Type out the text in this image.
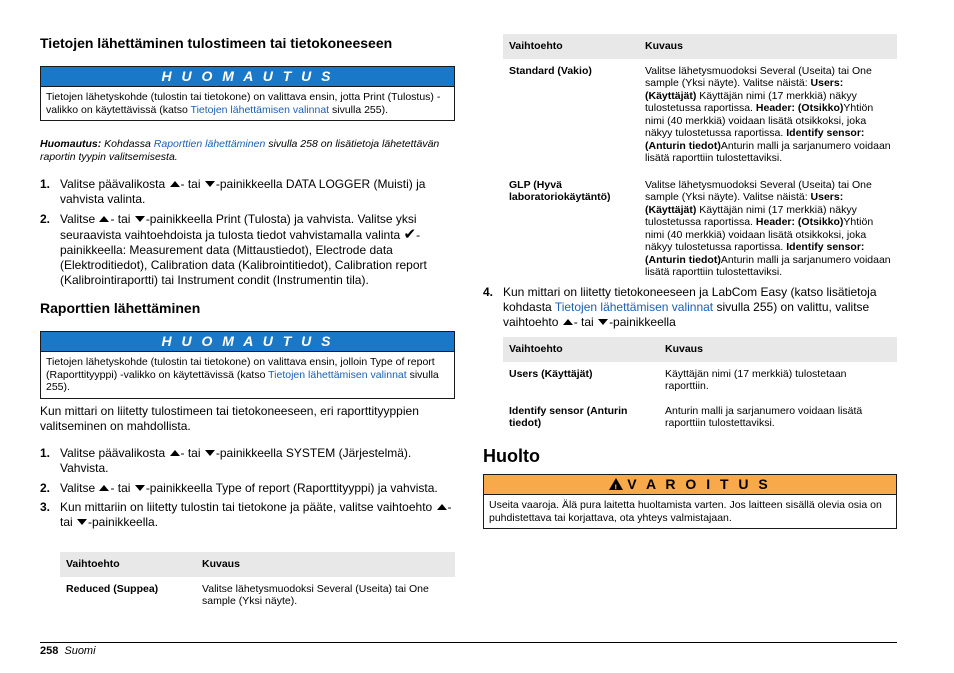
Tietojen lähettäminen tulostimeen tai tietokoneeseen
H U O M A U T U S
Tietojen lähetyskohde (tulostin tai tietokone) on valittava ensin, jotta Print (Tulostus) -valikko on käytettävissä (katso Tietojen lähettämisen valinnat sivulla 255).
Huomautus: Kohdassa Raporttien lähettäminen sivulla 258 on lisätietoja lähetettävän raportin tyypin valitsemisesta.
1. Valitse päävalikosta - tai -painikkeella DATA LOGGER (Muisti) ja vahvista valinta.
2. Valitse - tai -painikkeella Print (Tulosta) ja vahvista. Valitse yksi seuraavista vaihtoehdoista ja tulosta tiedot vahvistamalla valinta ✔-painikkeella: Measurement data (Mittaustiedot), Electrode data (Elektroditiedot), Calibration data (Kalibrointitiedot), Calibration report (Kalibrointiraportti) tai Instrument condit (Instrumentin tila).
Raporttien lähettäminen
H U O M A U T U S
Tietojen lähetyskohde (tulostin tai tietokone) on valittava ensin, jolloin Type of report (Raporttityyppi) -valikko on käytettävissä (katso Tietojen lähettämisen valinnat sivulla 255).
Kun mittari on liitetty tulostimeen tai tietokoneeseen, eri raporttityyppien valitseminen on mahdollista.
1. Valitse päävalikosta - tai -painikkeella SYSTEM (Järjestelmä). Vahvista.
2. Valitse - tai -painikkeella Type of report (Raporttityyppi) ja vahvista.
3. Kun mittariin on liitetty tulostin tai tietokone ja pääte, valitse vaihtoehto - tai -painikkeella.
Vaihtoehto	Kuvaus
Reduced (Suppea)	Valitse lähetysmuodoksi Several (Useita) tai One sample (Yksi näyte).
Vaihtoehto	Kuvaus
Standard (Vakio)	Valitse lähetysmuodoksi Several (Useita) tai One sample (Yksi näyte). Valitse näistä: Users: (Käyttäjät) Käyttäjän nimi (17 merkkiä) näkyy tulostetussa raportissa. Header: (Otsikko)Yhtiön nimi (40 merkkiä) voidaan lisätä otsikkoksi, joka näkyy tulostetussa raportissa. Identify sensor: (Anturin tiedot)Anturin malli ja sarjanumero voidaan lisätä raporttiin tulostettaviksi.
GLP (Hyvä laboratoriokäytäntö)	Valitse lähetysmuodoksi Several (Useita) tai One sample (Yksi näyte). Valitse näistä: Users: (Käyttäjät) Käyttäjän nimi (17 merkkiä) näkyy tulostetussa raportissa. Header: (Otsikko)Yhtiön nimi (40 merkkiä) voidaan lisätä otsikkoksi, joka näkyy tulostetussa raportissa. Identify sensor: (Anturin tiedot)Anturin malli ja sarjanumero voidaan lisätä raporttiin tulostettaviksi.
4. Kun mittari on liitetty tietokoneeseen ja LabCom Easy (katso lisätietoja kohdasta Tietojen lähettämisen valinnat sivulla 255) on valittu, valitse vaihtoehto - tai -painikkeella
Vaihtoehto	Kuvaus
Users (Käyttäjät)	Käyttäjän nimi (17 merkkiä) tulostetaan raporttiin.
Identify sensor (Anturin tiedot)	Anturin malli ja sarjanumero voidaan lisätä raporttiin tulostettaviksi.
Huolto
!V A R O I T U S
Useita vaaroja. Älä pura laitetta huoltamista varten. Jos laitteen sisällä olevia osia on puhdistettava tai korjattava, ota yhteys valmistajaan.
258 Suomi
